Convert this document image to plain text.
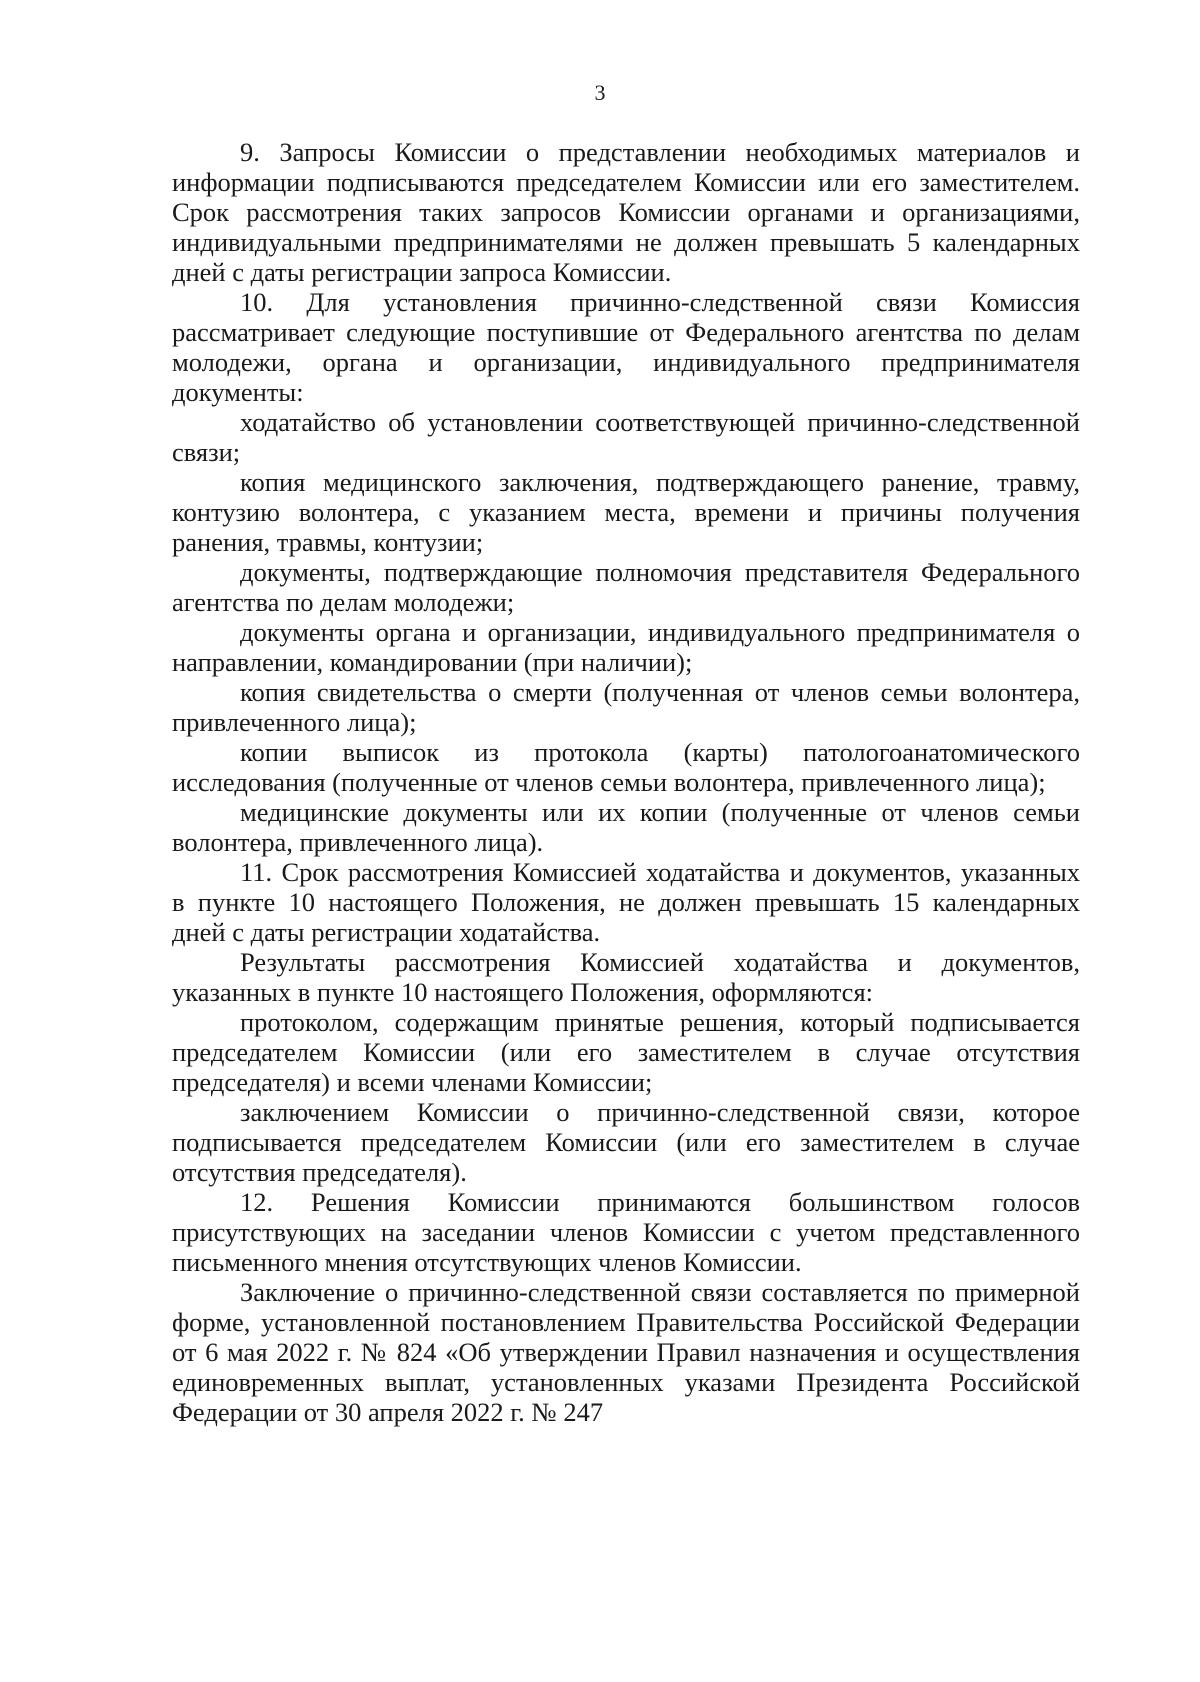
3

9. Запросы Комиссии о представлении необходимых материалов и информации подписываются председателем Комиссии или его заместителем. Срок рассмотрения таких запросов Комиссии органами и организациями, индивидуальными предпринимателями не должен превышать 5 календарных дней с даты регистрации запроса Комиссии.

10. Для установления причинно-следственной связи Комиссия рассматривает следующие поступившие от Федерального агентства по делам молодежи, органа и организации, индивидуального предпринимателя документы:

ходатайство об установлении соответствующей причинно-следственной связи;

копия медицинского заключения, подтверждающего ранение, травму, контузию волонтера, с указанием места, времени и причины получения ранения, травмы, контузии;

документы, подтверждающие полномочия представителя Федерального агентства по делам молодежи;

документы органа и организации, индивидуального предпринимателя о направлении, командировании (при наличии);

копия свидетельства о смерти (полученная от членов семьи волонтера, привлеченного лица);

копии выписок из протокола (карты) патологоанатомического исследования (полученные от членов семьи волонтера, привлеченного лица);

медицинские документы или их копии (полученные от членов семьи волонтера, привлеченного лица).

11. Срок рассмотрения Комиссией ходатайства и документов, указанных в пункте 10 настоящего Положения, не должен превышать 15 календарных дней с даты регистрации ходатайства.

Результаты рассмотрения Комиссией ходатайства и документов, указанных в пункте 10 настоящего Положения, оформляются:

протоколом, содержащим принятые решения, который подписывается председателем Комиссии (или его заместителем в случае отсутствия председателя) и всеми членами Комиссии;

заключением Комиссии о причинно-следственной связи, которое подписывается председателем Комиссии (или его заместителем в случае отсутствия председателя).

12. Решения Комиссии принимаются большинством голосов присутствующих на заседании членов Комиссии с учетом представленного письменного мнения отсутствующих членов Комиссии.

Заключение о причинно-следственной связи составляется по примерной форме, установленной постановлением Правительства Российской Федерации от 6 мая 2022 г. № 824 «Об утверждении Правил назначения и осуществления единовременных выплат, установленных указами Президента Российской Федерации от 30 апреля 2022 г. № 247
